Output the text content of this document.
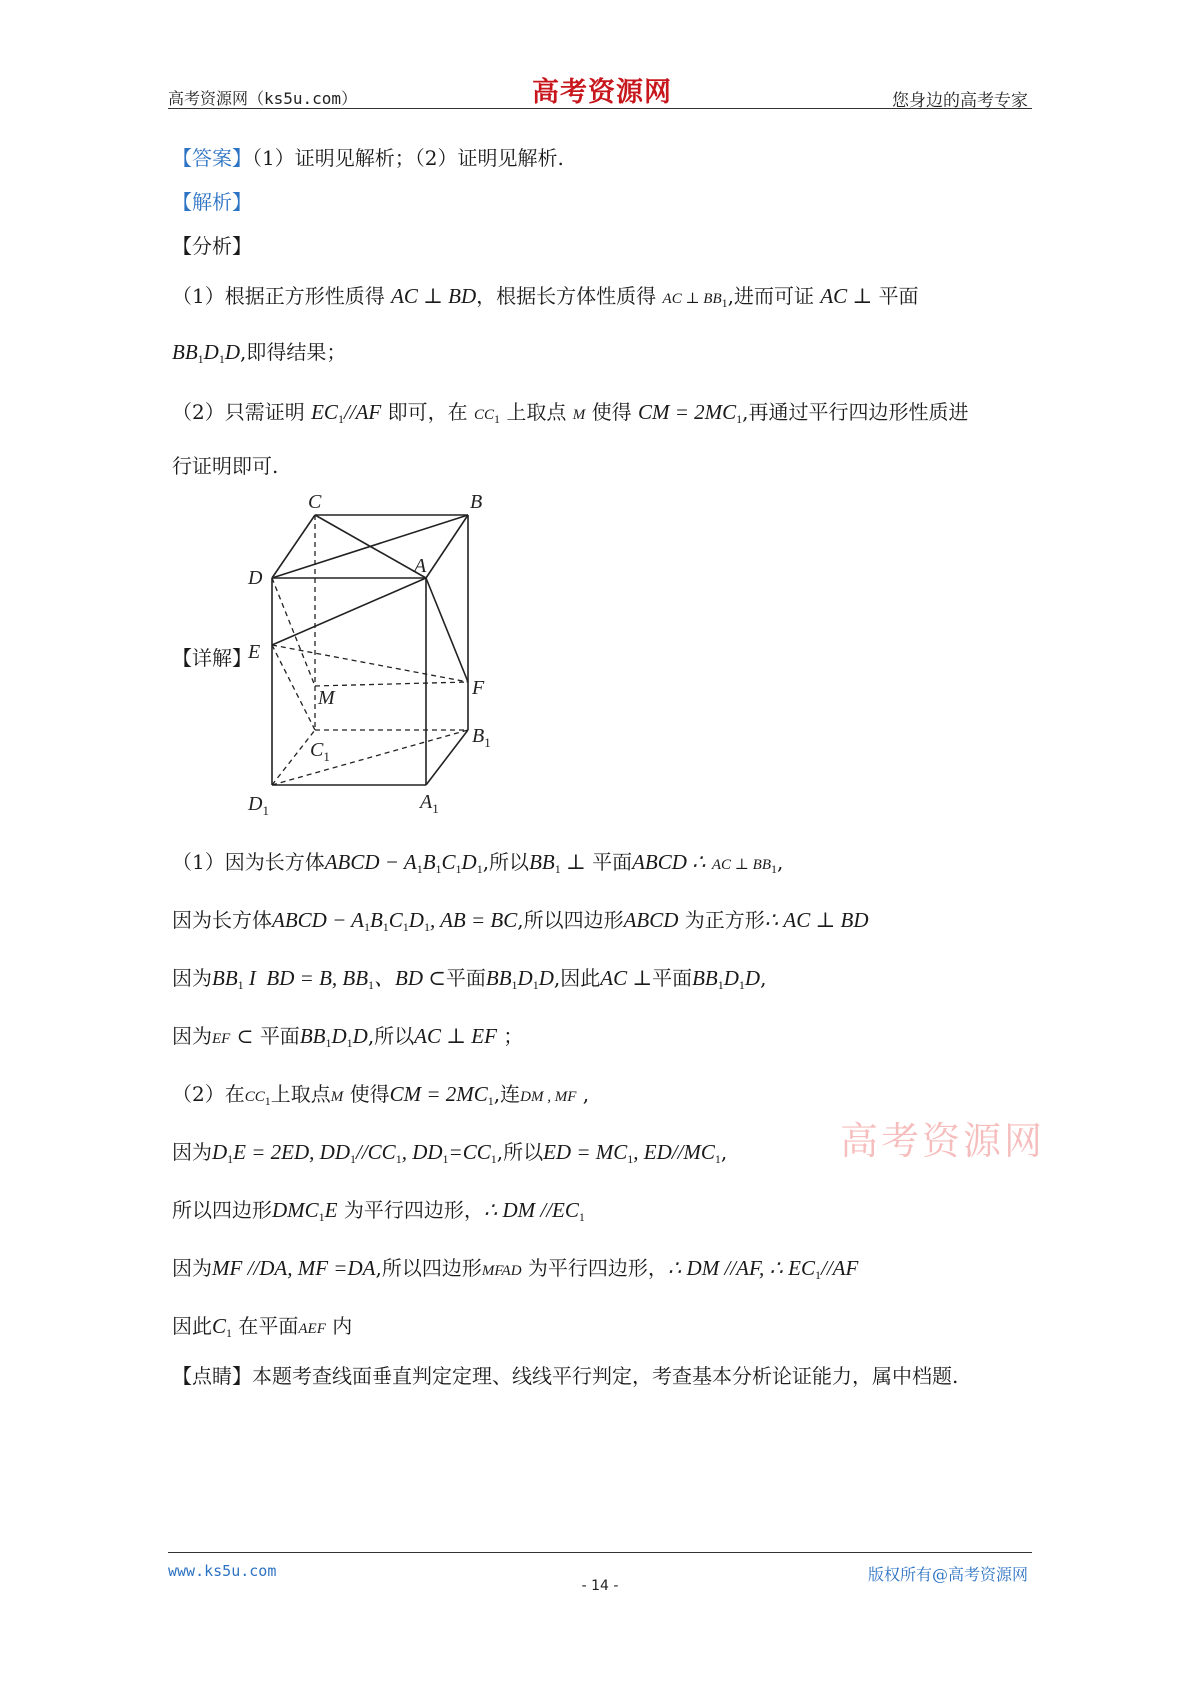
高考资源网（ks5u.com）	高考资源网	您身边的高考专家
【答案】（1）证明见解析；（2）证明见解析.
【解析】
【分析】
（1）根据正方形性质得 AC ⊥ BD，根据长方体性质得 AC ⊥ $BB_1$,进而可证 AC ⊥ 平面
$BB_1D_1D$,即得结果；
（2）只需证明 $EC_1//AF$ 即可，在 $CC_1$ 上取点 M 使得 CM = $2MC_1$,再通过平行四边形性质进
行证明即可.
C	B
D
A
E
F
M
$C_1$
$B_1$
$D_1$	$A_1$
【详解】
（1）因为长方体ABCD − $A_1B_1C_1D_1$,所以$BB_1$ ⊥ 平面ABCD ∴ AC ⊥ $BB_1$,
因为长方体ABCD − $A_1B_1C_1D_1$, AB = BC,所以四边形ABCD 为正方形∴ AC ⊥ BD
因为$BB_1$ I  BD = B, $BB_1$、BD ⊂平面$BB_1D_1D$,因此AC ⊥平面$BB_1D_1D$,
因为EF ⊂ 平面$BB_1D_1D$,所以AC ⊥ EF ；
高考资源网
（2）在$CC_1$上取点M 使得CM = $2MC_1$,连DM , MF ,
因为$D_1E = 2ED$, $DD_1//CC_1$, $DD_1=CC_1$,所以ED = $MC_1$, $ED//MC_1$,
所以四边形$DMC_1E$ 为平行四边形，∴ DM $//EC_1$
因为MF //DA, MF =DA,所以四边形MFAD 为平行四边形，∴ DM //AF, ∴ $EC_1//AF$
因此$C_1$ 在平面AEF 内
【点睛】本题考查线面垂直判定定理、线线平行判定，考查基本分析论证能力，属中档题.
www.ks5u.com	版权所有@高考资源网
- 14 -
